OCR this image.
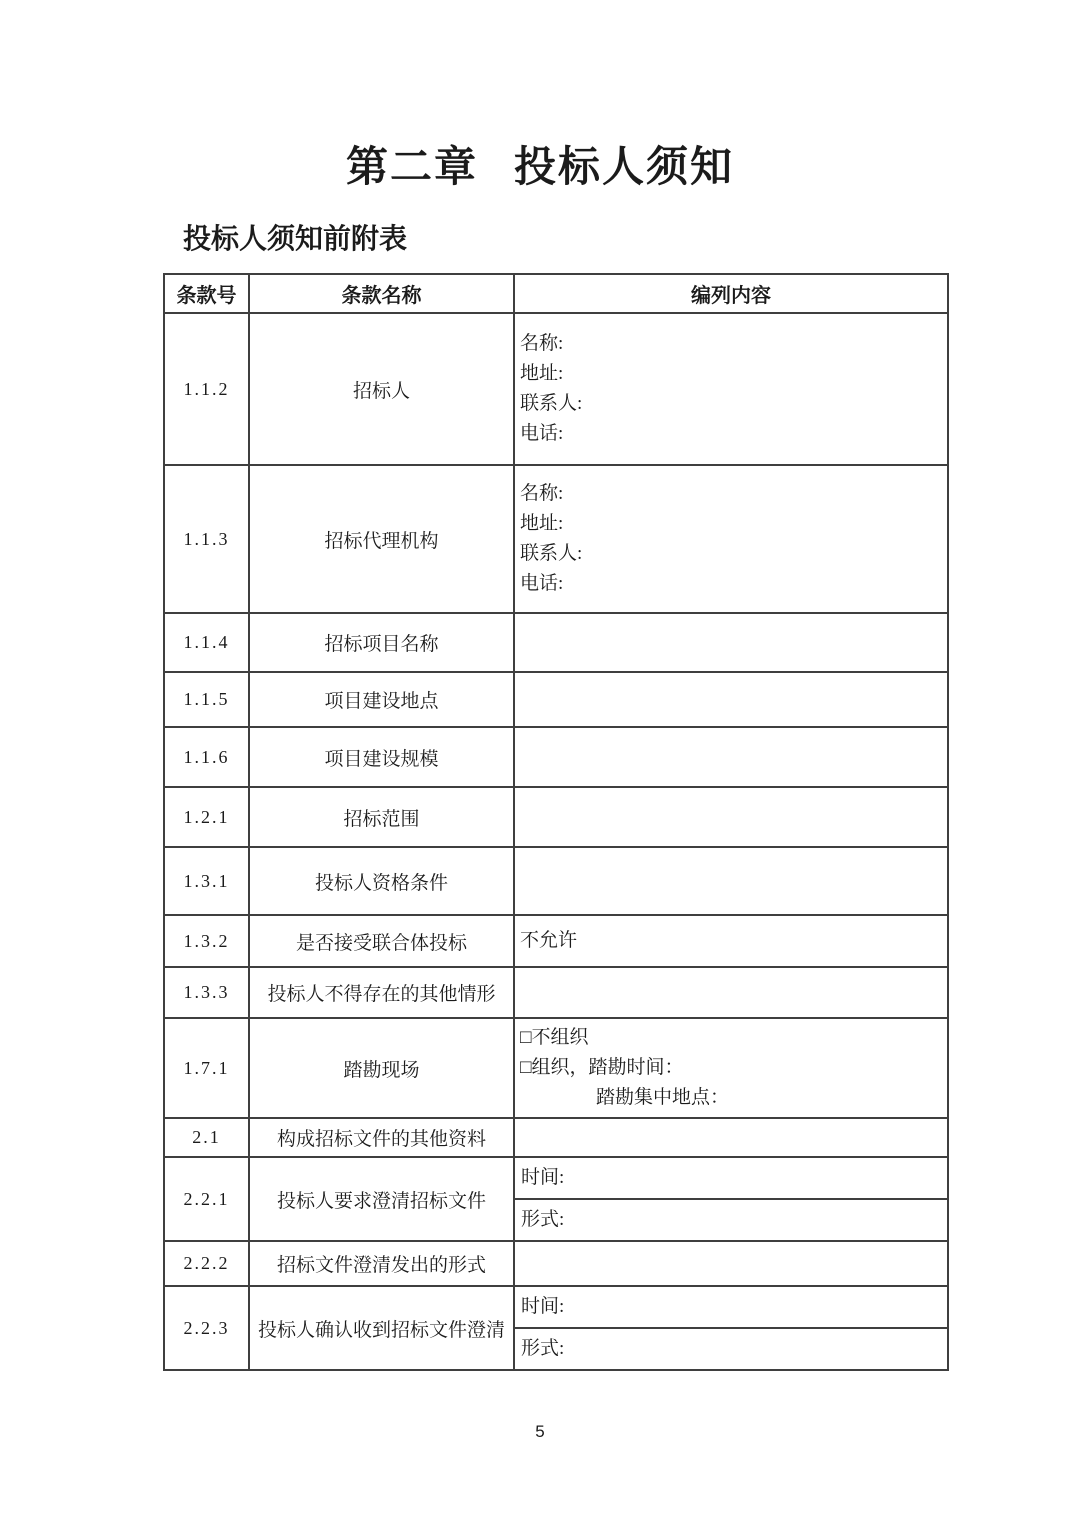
第二章 投标人须知
投标人须知前附表
条款号	条款名称	编列内容
1.1.2	招标人	名称:
地址:
联系人:
电话:

1.1.3	招标代理机构	名称:
地址:
联系人:
电话:

1.1.4	招标项目名称	
1.1.5	项目建设地点	
1.1.6	项目建设规模	
1.2.1	招标范围	
1.3.1	投标人资格条件	
1.3.2	是否接受联合体投标	不允许

1.3.3	投标人不得存在的其他情形	
1.7.1	踏勘现场	□不组织
□组织，踏勘时间：
　　　　踏勘集中地点：

2.1	构成招标文件的其他资料	
2.2.1	投标人要求澄清招标文件	时间:
形式:

2.2.2	招标文件澄清发出的形式	
2.2.3	投标人确认收到招标文件澄清	时间:
形式:
5
